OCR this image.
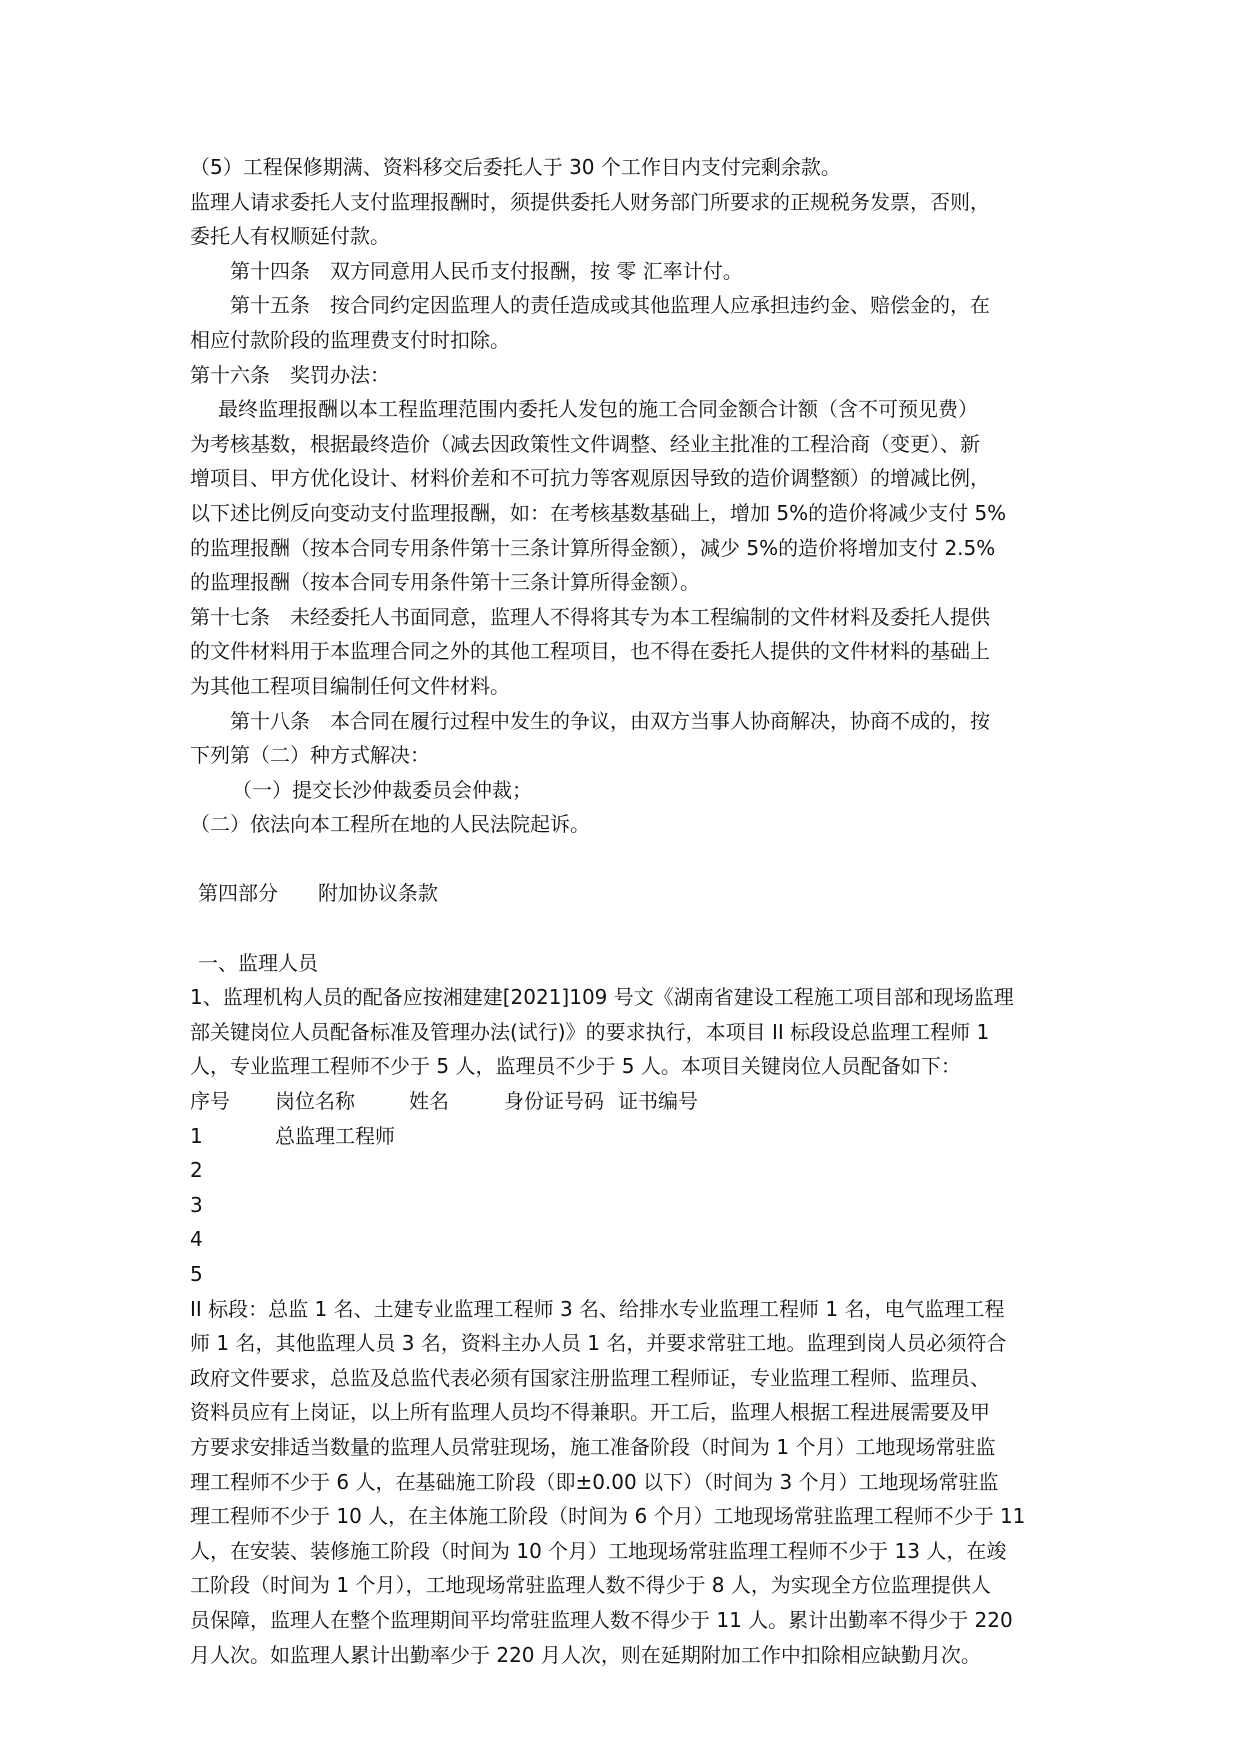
（5）工程保修期满、资料移交后委托人于 30 个工作日内支付完剩余款。

监理人请求委托人支付监理报酬时，须提供委托人财务部门所要求的正规税务发票，否则，

委托人有权顺延付款。

第十四条　双方同意用人民币支付报酬，按 零 汇率计付。

第十五条　按合同约定因监理人的责任造成或其他监理人应承担违约金、赔偿金的，在

相应付款阶段的监理费支付时扣除。

第十六条　奖罚办法：

最终监理报酬以本工程监理范围内委托人发包的施工合同金额合计额（含不可预见费）

为考核基数，根据最终造价（减去因政策性文件调整、经业主批准的工程洽商（变更）、新

增项目、甲方优化设计、材料价差和不可抗力等客观原因导致的造价调整额）的增减比例，

以下述比例反向变动支付监理报酬，如：在考核基数基础上，增加 5%的造价将减少支付 5%

的监理报酬（按本合同专用条件第十三条计算所得金额），减少 5%的造价将增加支付 2.5%

的监理报酬（按本合同专用条件第十三条计算所得金额）。

第十七条　未经委托人书面同意，监理人不得将其专为本工程编制的文件材料及委托人提供

的文件材料用于本监理合同之外的其他工程项目，也不得在委托人提供的文件材料的基础上

为其他工程项目编制任何文件材料。

第十八条　本合同在履行过程中发生的争议，由双方当事人协商解决，协商不成的，按

下列第（二）种方式解决：

（一）提交长沙仲裁委员会仲裁；

（二）依法向本工程所在地的人民法院起诉。

第四部分　　附加协议条款

一、监理人员

1、监理机构人员的配备应按湘建建[2021]109 号文《湖南省建设工程施工项目部和现场监理

部关键岗位人员配备标准及管理办法(试行)》的要求执行，本项目 II 标段设总监理工程师 1

人，专业监理工程师不少于 5 人，监理员不少于 5 人。本项目关键岗位人员配备如下：

序号 岗位名称	姓名	身份证号码 证书编号

1	总监理工程师

2

3

4

5

II 标段：总监 1 名、土建专业监理工程师 3 名、给排水专业监理工程师 1 名，电气监理工程

师 1 名，其他监理人员 3 名，资料主办人员 1 名，并要求常驻工地。监理到岗人员必须符合

政府文件要求，总监及总监代表必须有国家注册监理工程师证，专业监理工程师、监理员、

资料员应有上岗证，以上所有监理人员均不得兼职。开工后，监理人根据工程进展需要及甲

方要求安排适当数量的监理人员常驻现场，施工准备阶段（时间为 1 个月）工地现场常驻监

理工程师不少于 6 人，在基础施工阶段（即±0.00 以下）（时间为 3 个月）工地现场常驻监

理工程师不少于 10 人，在主体施工阶段（时间为 6 个月）工地现场常驻监理工程师不少于 11

人，在安装、装修施工阶段（时间为 10 个月）工地现场常驻监理工程师不少于 13 人，在竣

工阶段（时间为 1 个月），工地现场常驻监理人数不得少于 8 人，为实现全方位监理提供人

员保障，监理人在整个监理期间平均常驻监理人数不得少于 11 人。累计出勤率不得少于 220

月人次。如监理人累计出勤率少于 220 月人次，则在延期附加工作中扣除相应缺勤月次。
